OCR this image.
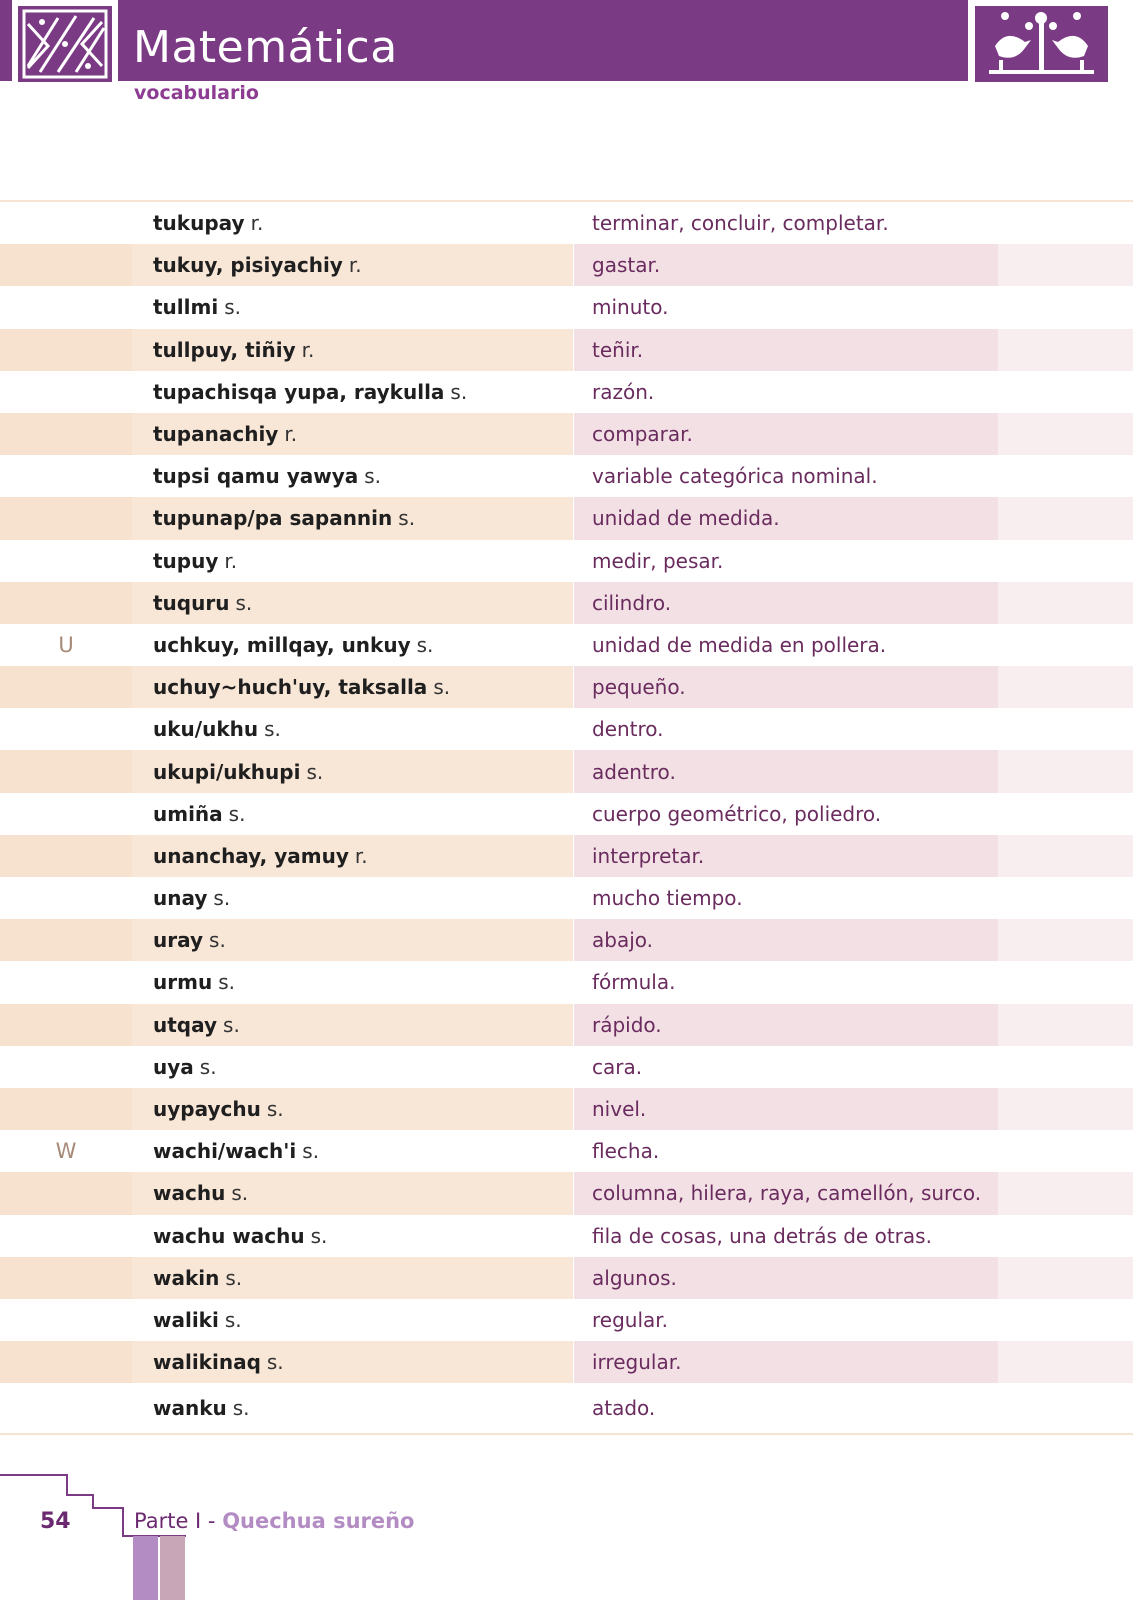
Matemática
vocabulario
tukupay r.	terminar, concluir, completar.
tukuy, pisiyachiy r.	gastar.
tullmi s.	minuto.
tullpuy, tiñiy r.	teñir.
tupachisqa yupa, raykulla s.	razón.
tupanachiy r.	comparar.
tupsi qamu yawya s.	variable categórica nominal.
tupunap/pa sapannin s.	unidad de medida.
tupuy r.	medir, pesar.
tuquru s.	cilindro.
U	uchkuy, millqay, unkuy s.	unidad de medida en pollera.
uchuy~huch'uy, taksalla s.	pequeño.
uku/ukhu s.	dentro.
ukupi/ukhupi s.	adentro.
umiña s.	cuerpo geométrico, poliedro.
unanchay, yamuy r.	interpretar.
unay s.	mucho tiempo.
uray s.	abajo.
urmu s.	fórmula.
utqay s.	rápido.
uya s.	cara.
uypaychu s.	nivel.
W	wachi/wach'i s.	flecha.
wachu s.	columna, hilera, raya, camellón, surco.
wachu wachu s.	fila de cosas, una detrás de otras.
wakin s.	algunos.
waliki s.	regular.
walikinaq s.	irregular.
wanku s.	atado.
54	Parte I - Quechua sureño
